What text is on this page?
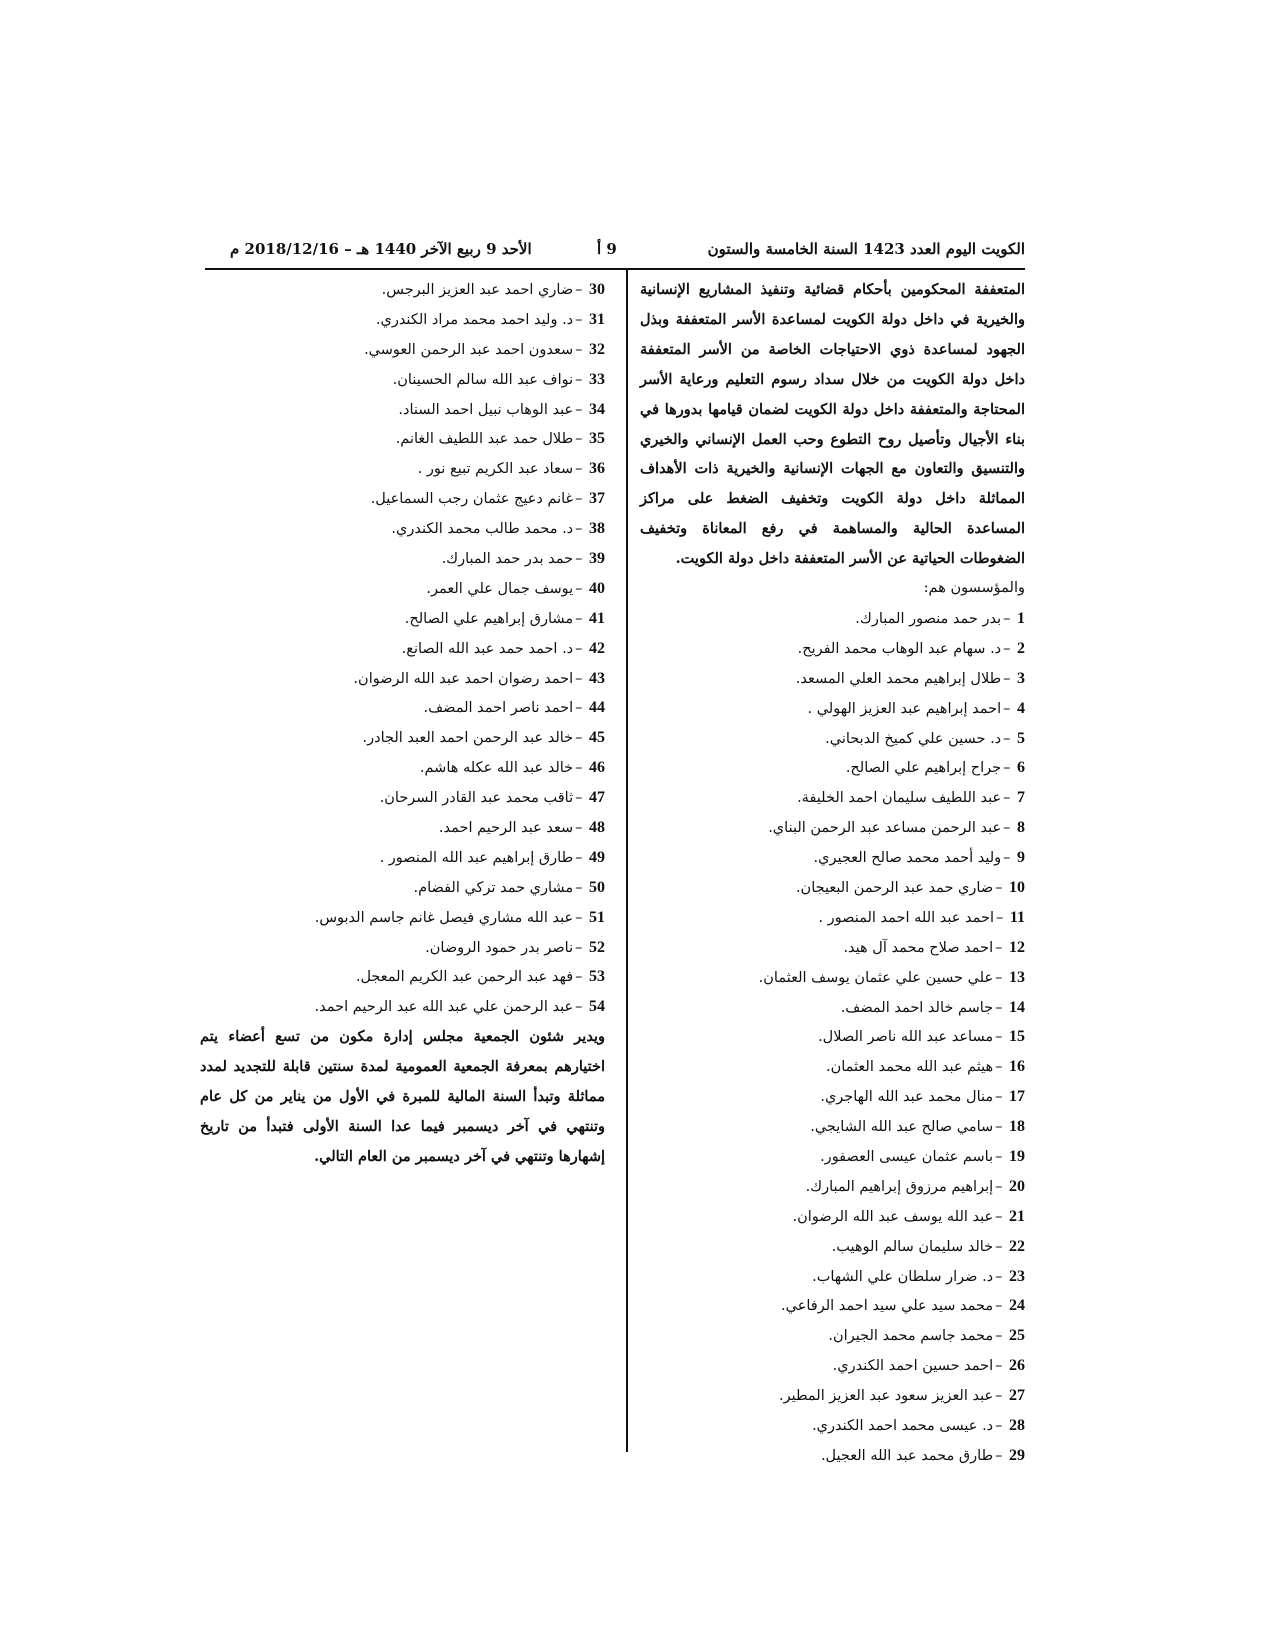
الكويت اليوم العدد 1423 السنة الخامسة والستون
9 أ
الأحد 9 ربيع الآخر 1440 هـ – 2018/12/16 م

المتعففة المحكومين بأحكام قضائية وتنفيذ المشاريع الإنسانية والخيرية في داخل دولة الكويت لمساعدة الأسر المتعففة وبذل الجهود لمساعدة ذوي الاحتياجات الخاصة من الأسر المتعففة داخل دولة الكويت من خلال سداد رسوم التعليم ورعاية الأسر المحتاجة والمتعففة داخل دولة الكويت لضمان قيامها بدورها في بناء الأجيال وتأصيل روح التطوع وحب العمل الإنساني والخيري والتنسيق والتعاون مع الجهات الإنسانية والخيرية ذات الأهداف المماثلة داخل دولة الكويت وتخفيف الضغط على مراكز المساعدة الحالية والمساهمة في رفع المعاناة وتخفيف الضغوطات الحياتية عن الأسر المتعففة داخل دولة الكويت.

والمؤسسون هم:

1 –بدر حمد منصور المبارك.
2 –د. سهام عبد الوهاب محمد الفريح.
3 –طلال إبراهيم محمد العلي المسعد.
4 –احمد إبراهيم عبد العزيز الهولي .
5 –د. حسين علي كميخ الدبحاني.
6 –جراح إبراهيم علي الصالح.
7 –عبد اللطيف سليمان احمد الخليفة.
8 –عبد الرحمن مساعد عبد الرحمن البناي.
9 –وليد أحمد محمد صالح العجيري.
10 –ضاري حمد عبد الرحمن البعيجان.
11 –احمد عبد الله احمد المنصور .
12 –احمد صلاح محمد آل هيد.
13 –علي حسين علي عثمان يوسف العثمان.
14 –جاسم خالد احمد المضف.
15 –مساعد عبد الله ناصر الصلال.
16 –هيثم عبد الله محمد العثمان.
17 –منال محمد عبد الله الهاجري.
18 –سامي صالح عبد الله الشايجي.
19 –باسم عثمان عيسى العصفور.
20 –إبراهيم مرزوق إبراهيم المبارك.
21 –عبد الله يوسف عبد الله الرضوان.
22 –خالد سليمان سالم الوهيب.
23 –د. ضرار سلطان علي الشهاب.
24 –محمد سيد علي سيد احمد الرفاعي.
25 –محمد جاسم محمد الجيران.
26 –احمد حسين احمد الكندري.
27 –عبد العزيز سعود عبد العزيز المطير.
28 –د. عيسى محمد احمد الكندري.
29 –طارق محمد عبد الله العجيل.
30 –ضاري احمد عبد العزيز البرجس.
31 –د. وليد احمد محمد مراد الكندري.
32 –سعدون احمد عبد الرحمن العوسي.
33 –نواف عبد الله سالم الحسينان.
34 –عبد الوهاب نبيل احمد السناد.
35 –طلال حمد عبد اللطيف الغانم.
36 –سعاد عبد الكريم تبيع نور .
37 –غانم دعيج عثمان رجب السماعيل.
38 –د. محمد طالب محمد الكندري.
39 –حمد بدر حمد المبارك.
40 –يوسف جمال علي العمر.
41 –مشارق إبراهيم علي الصالح.
42 –د. احمد حمد عبد الله الصانع.
43 –احمد رضوان احمد عبد الله الرضوان.
44 –احمد ناصر احمد المضف.
45 –خالد عبد الرحمن احمد العبد الجادر.
46 –خالد عبد الله عكله هاشم.
47 –ثاقب محمد عبد القادر السرحان.
48 –سعد عبد الرحيم احمد.
49 –طارق إبراهيم عبد الله المنصور .
50 –مشاري حمد تركي الفضام.
51 –عبد الله مشاري فيصل غانم جاسم الدبوس.
52 –ناصر بدر حمود الروضان.
53 –فهد عبد الرحمن عبد الكريم المعجل.
54 –عبد الرحمن علي عبد الله عبد الرحيم احمد.

ويدير شئون الجمعية مجلس إدارة مكون من تسع أعضاء يتم اختيارهم بمعرفة الجمعية العمومية لمدة سنتين قابلة للتجديد لمدد مماثلة وتبدأ السنة المالية للمبرة في الأول من يناير من كل عام وتنتهي في آخر ديسمبر فيما عدا السنة الأولى فتبدأ من تاريخ إشهارها وتنتهي في آخر ديسمبر من العام التالي.
